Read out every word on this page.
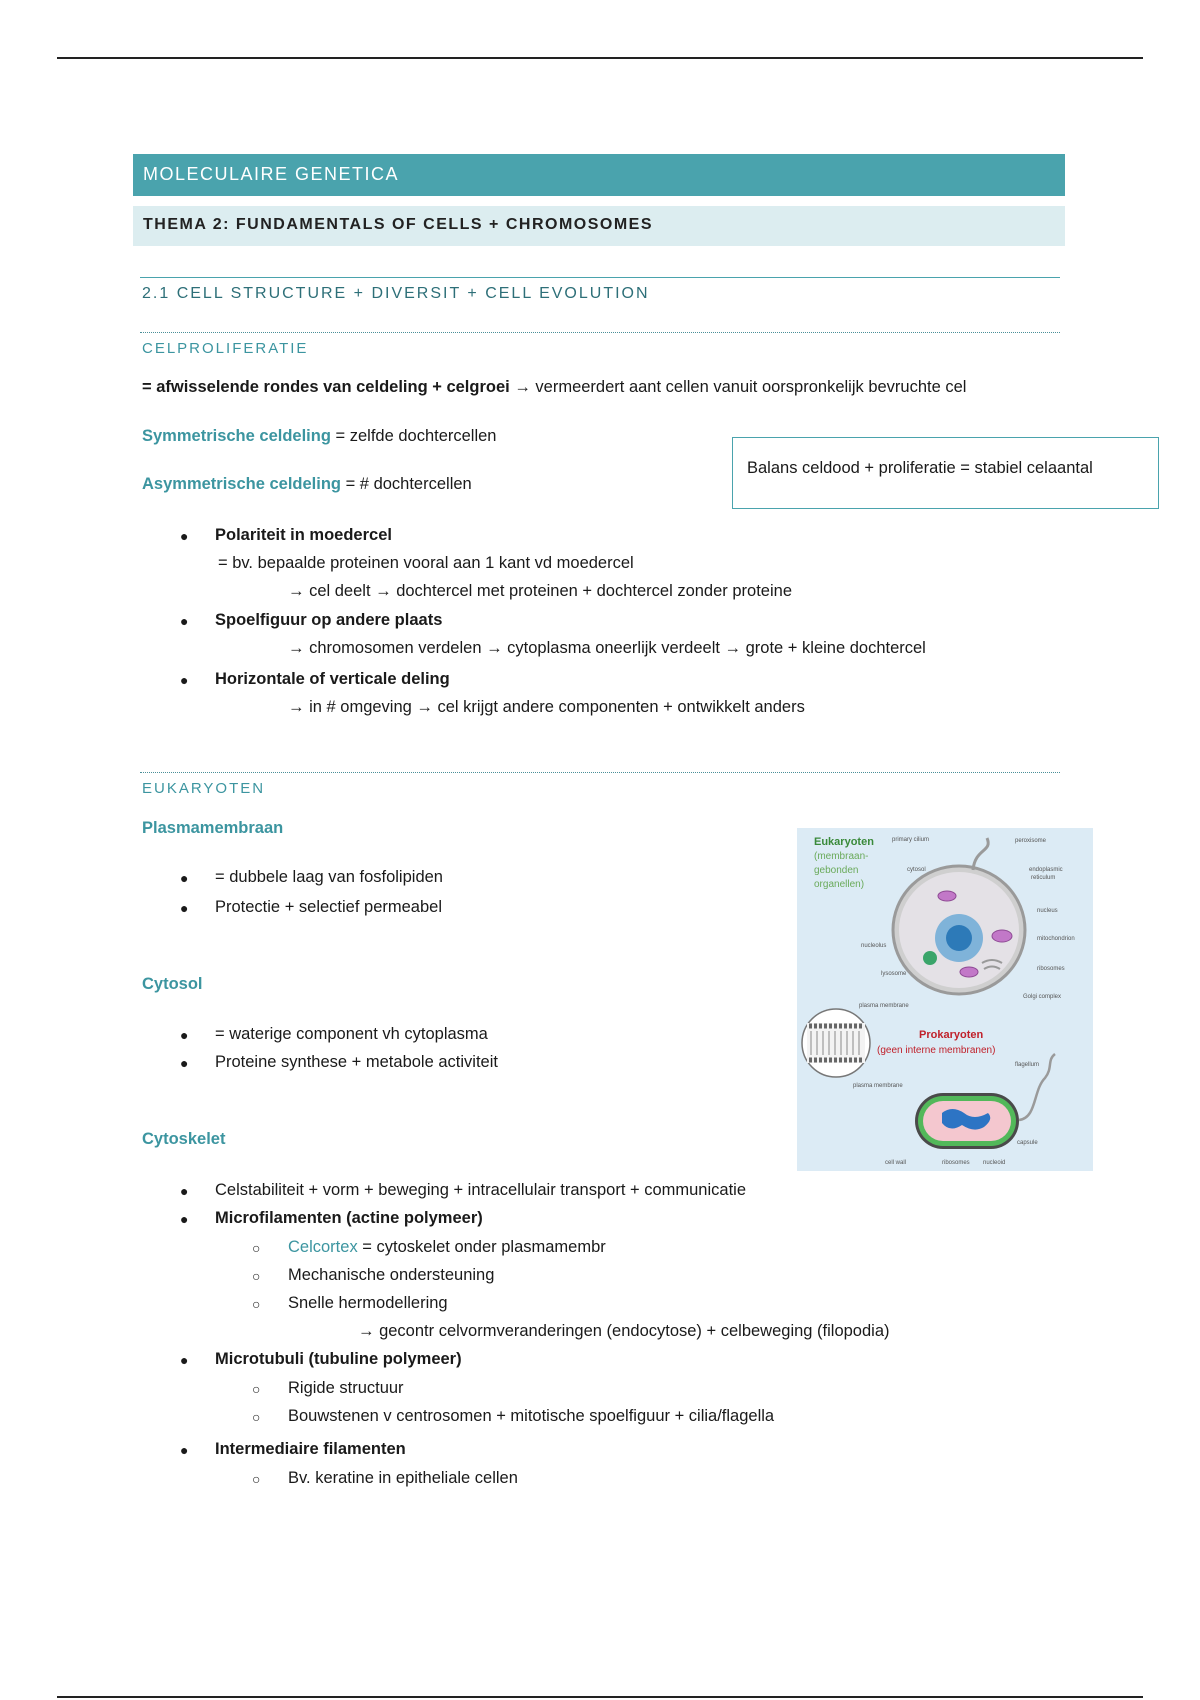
MOLECULAIRE GENETICA
THEMA 2: FUNDAMENTALS OF CELLS + CHROMOSOMES
2.1 CELL STRUCTURE + DIVERSIT + CELL EVOLUTION
CELPROLIFERATIE
= afwisselende rondes van celdeling + celgroei → vermeerdert aant cellen vanuit oorspronkelijk bevruchte cel
Symmetrische celdeling = zelfde dochtercellen
Asymmetrische celdeling = # dochtercellen
Balans celdood + proliferatie = stabiel celaantal
● Polariteit in moedercel
= bv. bepaalde proteinen vooral aan 1 kant vd moedercel
→ cel deelt → dochtercel met proteinen + dochtercel zonder proteine
● Spoelfiguur op andere plaats
→ chromosomen verdelen → cytoplasma oneerlijk verdeelt → grote + kleine dochtercel
● Horizontale of verticale deling
→ in # omgeving → cel krijgt andere componenten + ontwikkelt anders
EUKARYOTEN
Plasmamembraan
● = dubbele laag van fosfolipiden
● Protectie + selectief permeabel
Cytosol
● = waterige component vh cytoplasma
● Proteine synthese + metabole activiteit
Cytoskelet
● Celstabiliteit + vorm + beweging + intracellulair transport + communicatie
● Microfilamenten (actine polymeer)
○ Celcortex = cytoskelet onder plasmamembr
○ Mechanische ondersteuning
○ Snelle hermodellering
→ gecontr celvormveranderingen (endocytose) + celbeweging (filopodia)
● Microtubuli (tubuline polymeer)
○ Rigide structuur
○ Bouwstenen v centrosomen + mitotische spoelfiguur + cilia/flagella
● Intermediaire filamenten
○ Bv. keratine in epitheliale cellen
Eukaryoten
(membraan-
gebonden
organellen)
primary cilium	peroxisome
cytosol	endoplasmic
reticulum
nucleus
nucleolus
mitochondrion
ribosomes
lysosome
Golgi complex
plasma membrane
Prokaryoten
(geen interne membranen)
flagellum
plasma membrane
capsule
cell wall	ribosomes nucleoid
